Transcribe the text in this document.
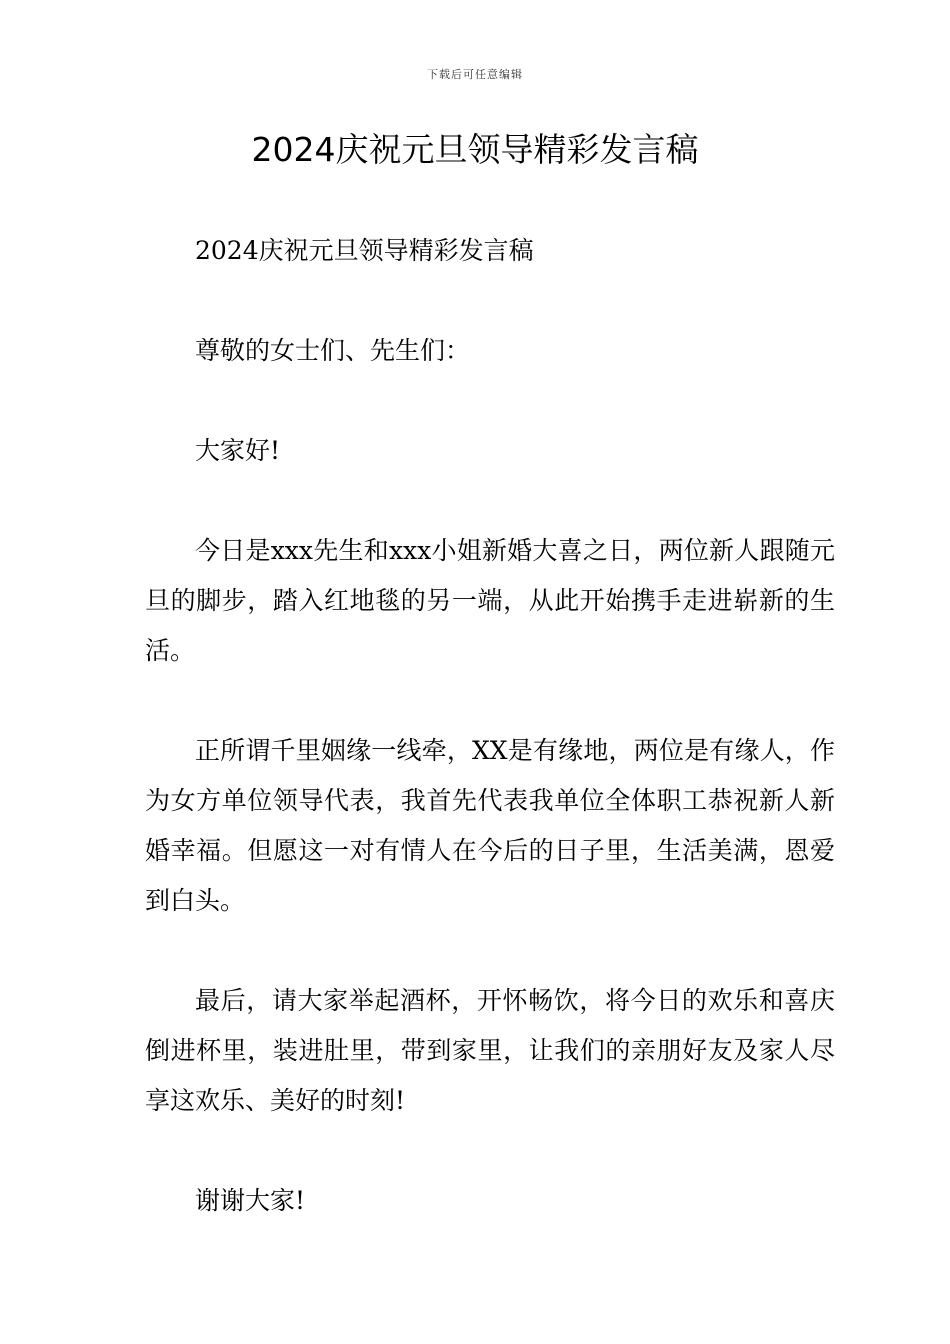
下载后可任意编辑
2024庆祝元旦领导精彩发言稿

2024庆祝元旦领导精彩发言稿

尊敬的女士们、先生们：

大家好!

今日是xxx先生和xxx小姐新婚大喜之日，两位新人跟随元旦的脚步，踏入红地毯的另一端，从此开始携手走进崭新的生活。

正所谓千里姻缘一线牵，XX是有缘地，两位是有缘人，作为女方单位领导代表，我首先代表我单位全体职工恭祝新人新婚幸福。但愿这一对有情人在今后的日子里，生活美满，恩爱到白头。

最后，请大家举起酒杯，开怀畅饮，将今日的欢乐和喜庆倒进杯里，装进肚里，带到家里，让我们的亲朋好友及家人尽享这欢乐、美好的时刻!

谢谢大家!
